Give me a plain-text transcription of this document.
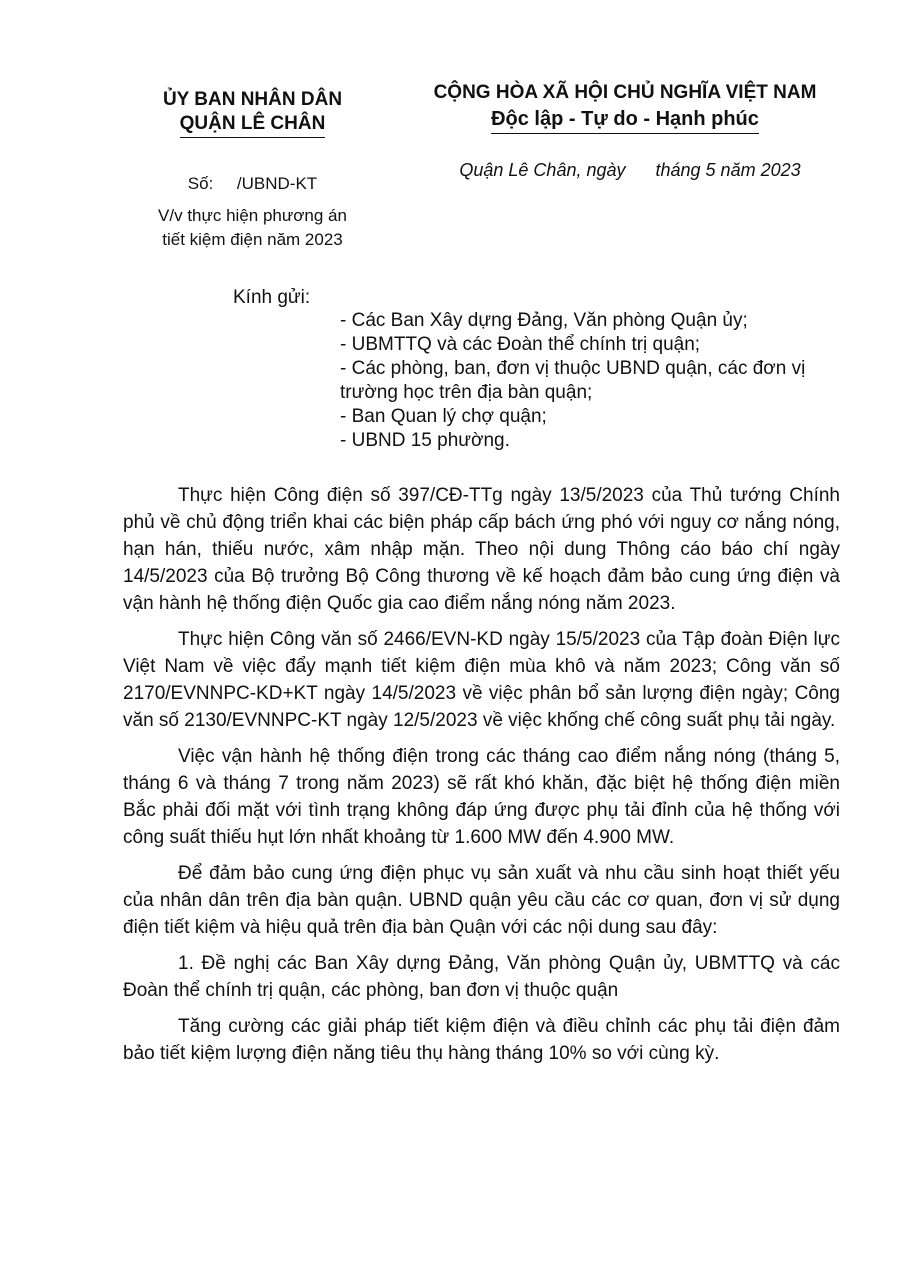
ỦY BAN NHÂN DÂN
QUẬN LÊ CHÂN
CỘNG HÒA XÃ HỘI CHỦ NGHĨA VIỆT NAM
Độc lập - Tự do - Hạnh phúc
Số:     /UBND-KT
V/v thực hiện phương án
tiết kiệm điện năm 2023
Quận Lê Chân, ngày      tháng 5 năm 2023
Kính gửi:
- Các Ban Xây dựng Đảng, Văn phòng Quận ủy;
- UBMTTQ và các Đoàn thể chính trị quận;
- Các phòng, ban, đơn vị thuộc UBND quận, các đơn vị trường học trên địa bàn quận;
- Ban Quan lý chợ quận;
- UBND 15 phường.

Thực hiện Công điện số 397/CĐ-TTg ngày 13/5/2023 của Thủ tướng Chính phủ về chủ động triển khai các biện pháp cấp bách ứng phó với nguy cơ nắng nóng, hạn hán, thiếu nước, xâm nhập mặn. Theo nội dung Thông cáo báo chí ngày 14/5/2023 của Bộ trưởng Bộ Công thương về kế hoạch đảm bảo cung ứng điện và vận hành hệ thống điện Quốc gia cao điểm nắng nóng năm 2023.

Thực hiện Công văn số 2466/EVN-KD ngày 15/5/2023 của Tập đoàn Điện lực Việt Nam về việc đẩy mạnh tiết kiệm điện mùa khô và năm 2023; Công văn số 2170/EVNNPC-KD+KT ngày 14/5/2023 về việc phân bổ sản lượng điện ngày; Công văn số 2130/EVNNPC-KT ngày 12/5/2023 về việc khống chế công suất phụ tải ngày.

Việc vận hành hệ thống điện trong các tháng cao điểm nắng nóng (tháng 5, tháng 6 và tháng 7 trong năm 2023) sẽ rất khó khăn, đặc biệt hệ thống điện miền Bắc phải đối mặt với tình trạng không đáp ứng được phụ tải đỉnh của hệ thống với công suất thiếu hụt lớn nhất khoảng từ 1.600 MW đến 4.900 MW.

Để đảm bảo cung ứng điện phục vụ sản xuất và nhu cầu sinh hoạt thiết yếu của nhân dân trên địa bàn quận. UBND quận yêu cầu các cơ quan, đơn vị sử dụng điện tiết kiệm và hiệu quả trên địa bàn Quận với các nội dung sau đây:

1. Đề nghị các Ban Xây dựng Đảng, Văn phòng Quận ủy, UBMTTQ và các Đoàn thể chính trị quận, các phòng, ban đơn vị thuộc quận

Tăng cường các giải pháp tiết kiệm điện và điều chỉnh các phụ tải điện đảm bảo tiết kiệm lượng điện năng tiêu thụ hàng tháng 10% so với cùng kỳ.
